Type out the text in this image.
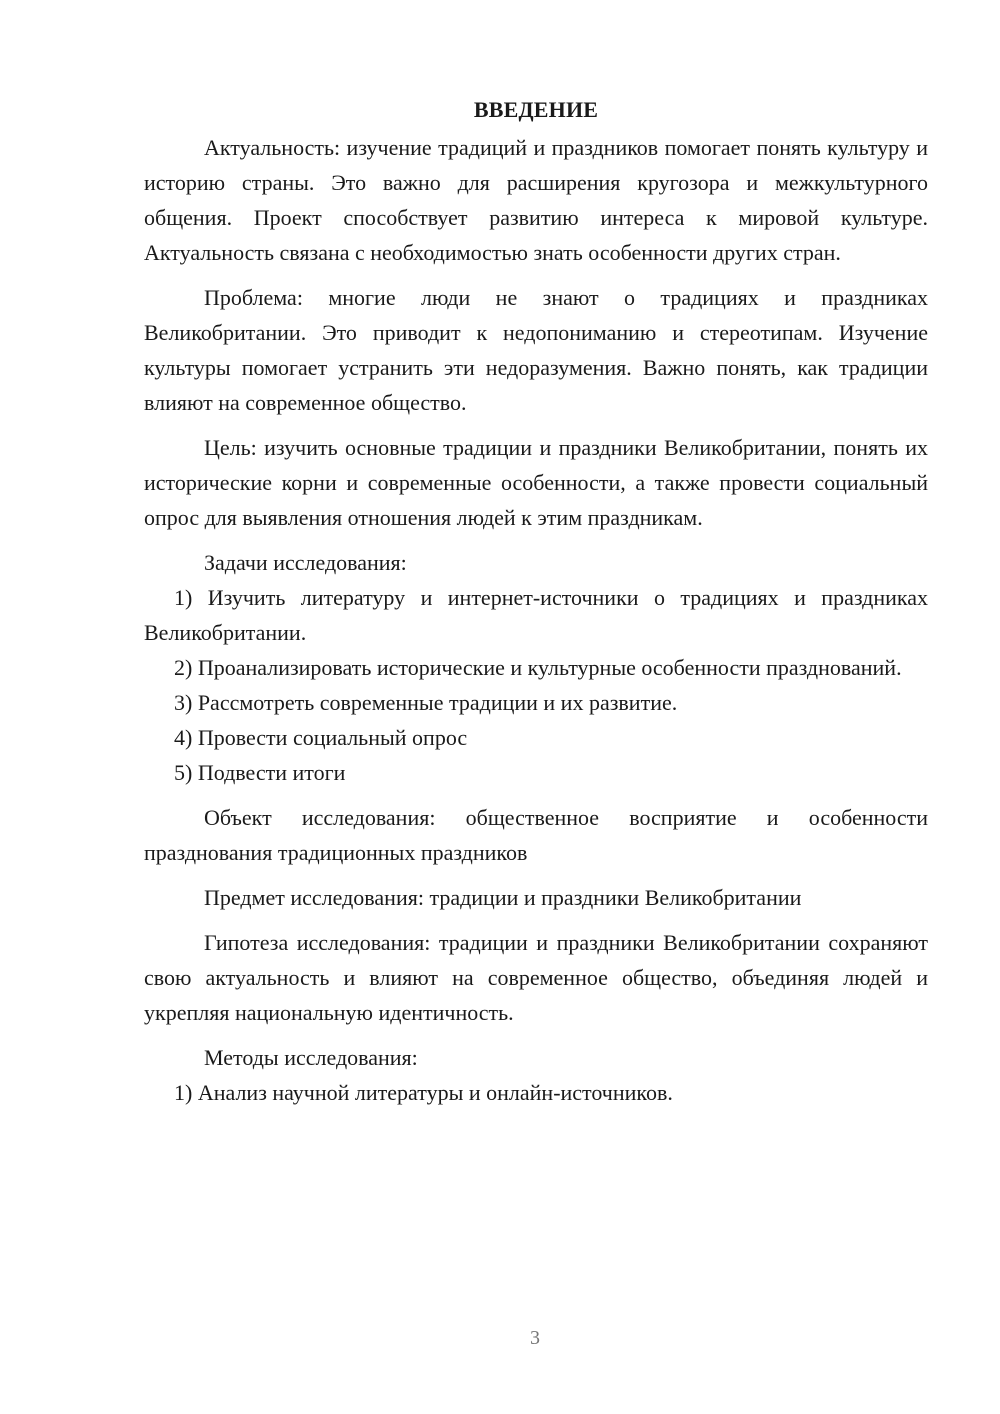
ВВЕДЕНИЕ

Актуальность: изучение традиций и праздников помогает понять культуру и историю страны. Это важно для расширения кругозора и межкультурного общения. Проект способствует развитию интереса к мировой культуре. Актуальность связана с необходимостью знать особенности других стран.

Проблема: многие люди не знают о традициях и праздниках Великобритании. Это приводит к недопониманию и стереотипам. Изучение культуры помогает устранить эти недоразумения. Важно понять, как традиции влияют на современное общество.

Цель: изучить основные традиции и праздники Великобритании, понять их исторические корни и современные особенности, а также провести социальный опрос для выявления отношения людей к этим праздникам.

Задачи исследования:

1) Изучить литературу и интернет-источники о традициях и праздниках Великобритании.

2) Проанализировать исторические и культурные особенности празднований.

3) Рассмотреть современные традиции и их развитие.

4) Провести социальный опрос

5) Подвести итоги

Объект исследования: общественное восприятие и особенности празднования традиционных праздников

Предмет исследования: традиции и праздники Великобритании

Гипотеза исследования: традиции и праздники Великобритании сохраняют свою актуальность и влияют на современное общество, объединяя людей и укрепляя национальную идентичность.

Методы исследования:

1) Анализ научной литературы и онлайн-источников.

3
